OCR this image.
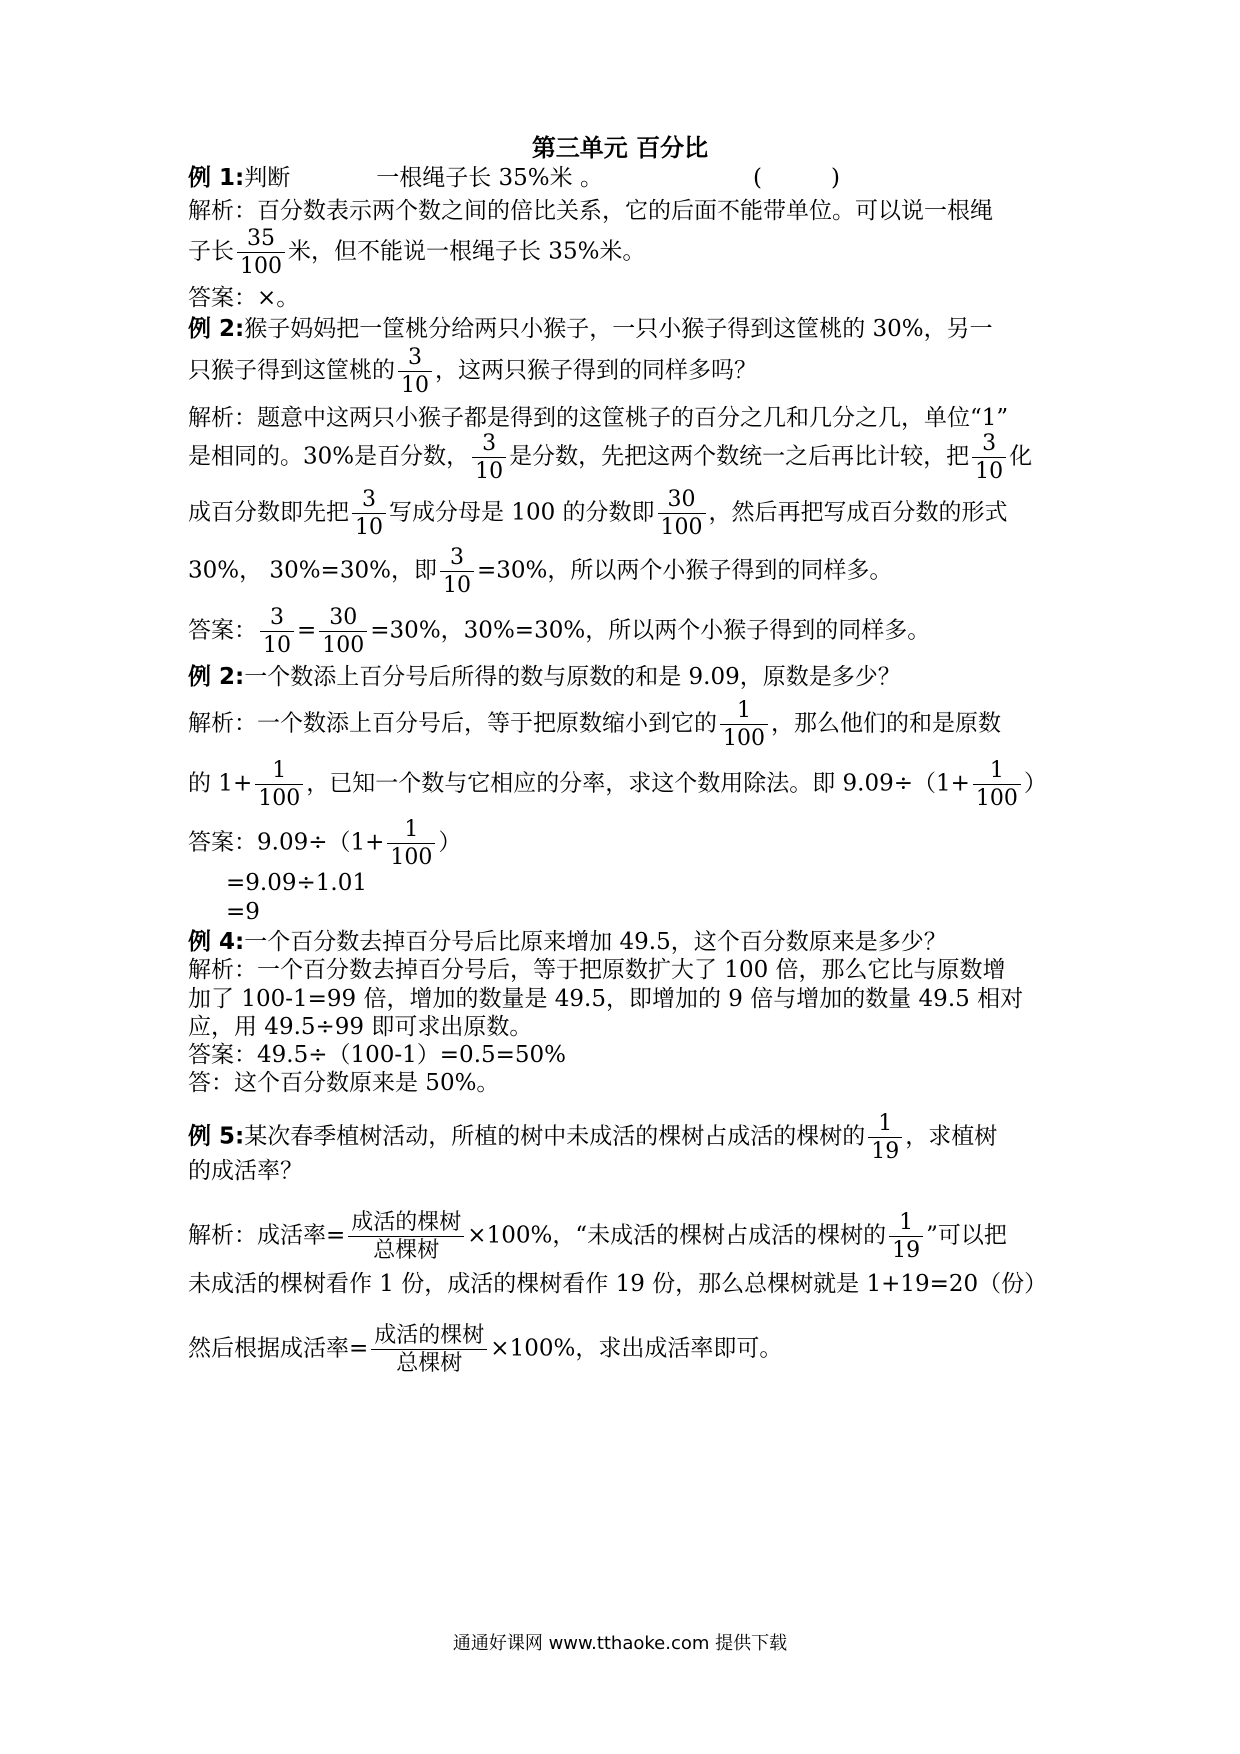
第三单元 百分比
例 1:判断	一根绳子长 35%米 。	(　　　)
解析：百分数表示两个数之间的倍比关系，它的后面不能带单位。可以说一根绳
子长 $\frac{35}{100}$ 米，但不能说一根绳子长 35%米。
答案：×。
例 2:猴子妈妈把一筐桃分给两只小猴子，一只小猴子得到这筐桃的 30%，另一
只猴子得到这筐桃的 $\frac{3}{10}$ ，这两只猴子得到的同样多吗？
解析：题意中这两只小猴子都是得到的这筐桃子的百分之几和几分之几，单位“1”
是相同的。30%是百分数， $\frac{3}{10}$ 是分数，先把这两个数统一之后再比计较，把 $\frac{3}{10}$ 化
成百分数即先把 $\frac{3}{10}$ 写成分母是 100 的分数即 $\frac{30}{100}$ ，然后再把写成百分数的形式
30%， 30%=30%，即 $\frac{3}{10} =30\%$，所以两个小猴子得到的同样多。
答案： $\frac{3}{10} = \frac{30}{100} =30\%$，30%=30%，所以两个小猴子得到的同样多。
例 2:一个数添上百分号后所得的数与原数的和是 9.09，原数是多少？
解析：一个数添上百分号后，等于把原数缩小到它的 $\frac{1}{100}$ ，那么他们的和是原数
的 $1+ \frac{1}{100}$ ，已知一个数与它相应的分率，求这个数用除法。即 $9.09\div(1+ \frac{1}{100}$ ）
答案：$9.09\div(1+ \frac{1}{100}$ ）
=9.09÷1.01
=9
例 4:一个百分数去掉百分号后比原来增加 49.5，这个百分数原来是多少？
解析：一个百分数去掉百分号后，等于把原数扩大了 100 倍，那么它比与原数增
加了 100-1=99 倍，增加的数量是 49.5，即增加的 9 倍与增加的数量 49.5 相对
应，用 49.5÷99 即可求出原数。
答案：49.5÷（100-1）=0.5=50%
答：这个百分数原来是 50%。
例 5:某次春季植树活动，所植的树中未成活的棵树占成活的棵树的 $\frac{1}{19}$ ，求植树
的成活率？
解析：成活率= 成活的棵树
总棵树
×100%，“未成活的棵树占成活的棵树的 $\frac{1}{19}$ ”可以把
未成活的棵树看作 1 份，成活的棵树看作 19 份，那么总棵树就是 1+19=20（份）
然后根据成活率= 成活的棵树
总棵树
×100%，求出成活率即可。
通通好课网 www.tthaoke.com 提供下载
